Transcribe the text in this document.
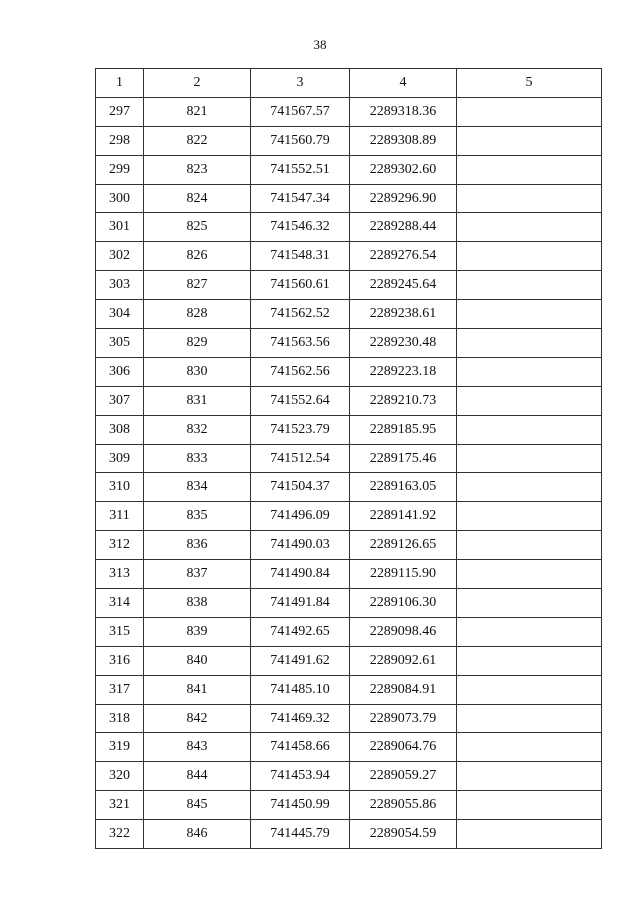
38
1	2	3	4	5
297	821	741567.57	2289318.36	
298	822	741560.79	2289308.89	
299	823	741552.51	2289302.60	
300	824	741547.34	2289296.90	
301	825	741546.32	2289288.44	
302	826	741548.31	2289276.54	
303	827	741560.61	2289245.64	
304	828	741562.52	2289238.61	
305	829	741563.56	2289230.48	
306	830	741562.56	2289223.18	
307	831	741552.64	2289210.73	
308	832	741523.79	2289185.95	
309	833	741512.54	2289175.46	
310	834	741504.37	2289163.05	
311	835	741496.09	2289141.92	
312	836	741490.03	2289126.65	
313	837	741490.84	2289115.90	
314	838	741491.84	2289106.30	
315	839	741492.65	2289098.46	
316	840	741491.62	2289092.61	
317	841	741485.10	2289084.91	
318	842	741469.32	2289073.79	
319	843	741458.66	2289064.76	
320	844	741453.94	2289059.27	
321	845	741450.99	2289055.86	
322	846	741445.79	2289054.59	
